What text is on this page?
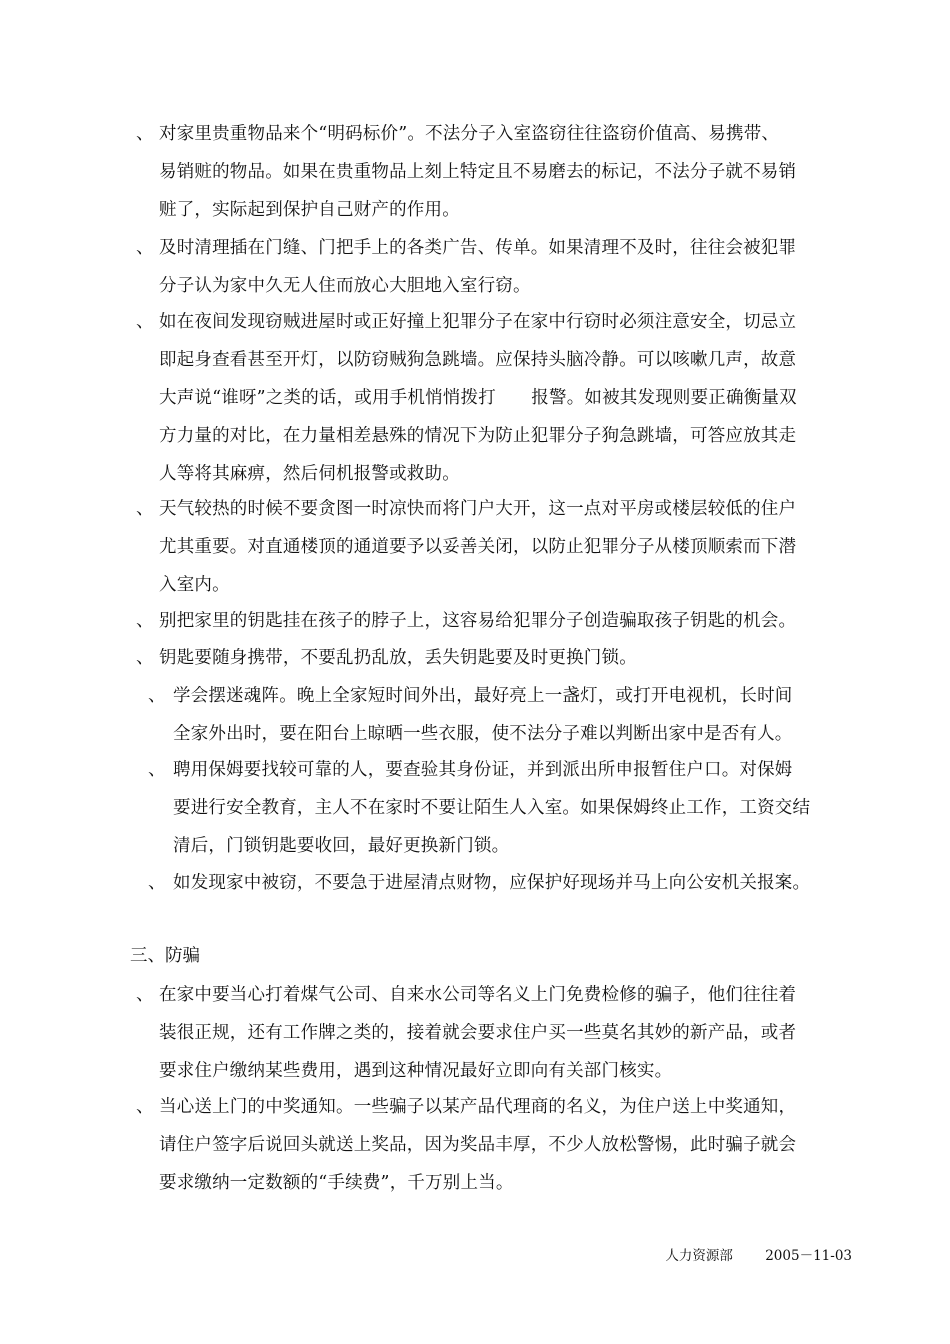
、 对家里贵重物品来个“明码标价”。不法分子入室盗窃往往盗窃价值高、易携带、
易销赃的物品。如果在贵重物品上刻上特定且不易磨去的标记，不法分子就不易销
赃了，实际起到保护自己财产的作用。
、 及时清理插在门缝、门把手上的各类广告、传单。如果清理不及时，往往会被犯罪
分子认为家中久无人住而放心大胆地入室行窃。
、 如在夜间发现窃贼进屋时或正好撞上犯罪分子在家中行窃时必须注意安全，切忌立
即起身查看甚至开灯，以防窃贼狗急跳墙。应保持头脑冷静。可以咳嗽几声，故意
大声说“谁呀”之类的话，或用手机悄悄拨打　　报警。如被其发现则要正确衡量双
方力量的对比，在力量相差悬殊的情况下为防止犯罪分子狗急跳墙，可答应放其走
人等将其麻痹，然后伺机报警或救助。
、 天气较热的时候不要贪图一时凉快而将门户大开，这一点对平房或楼层较低的住户
尤其重要。对直通楼顶的通道要予以妥善关闭，以防止犯罪分子从楼顶顺索而下潜
入室内。
、 别把家里的钥匙挂在孩子的脖子上，这容易给犯罪分子创造骗取孩子钥匙的机会。
、 钥匙要随身携带，不要乱扔乱放，丢失钥匙要及时更换门锁。
、 学会摆迷魂阵。晚上全家短时间外出，最好亮上一盏灯，或打开电视机，长时间
全家外出时，要在阳台上晾晒一些衣服，使不法分子难以判断出家中是否有人。
、 聘用保姆要找较可靠的人，要查验其身份证，并到派出所申报暂住户口。对保姆
要进行安全教育，主人不在家时不要让陌生人入室。如果保姆终止工作，工资交结
清后，门锁钥匙要收回，最好更换新门锁。
、 如发现家中被窃，不要急于进屋清点财物，应保护好现场并马上向公安机关报案。
三、防骗
、 在家中要当心打着煤气公司、自来水公司等名义上门免费检修的骗子，他们往往着
装很正规，还有工作牌之类的，接着就会要求住户买一些莫名其妙的新产品，或者
要求住户缴纳某些费用，遇到这种情况最好立即向有关部门核实。
、 当心送上门的中奖通知。一些骗子以某产品代理商的名义，为住户送上中奖通知，
请住户签字后说回头就送上奖品，因为奖品丰厚，不少人放松警惕，此时骗子就会
要求缴纳一定数额的“手续费”，千万别上当。
人力资源部 2005－11-03
